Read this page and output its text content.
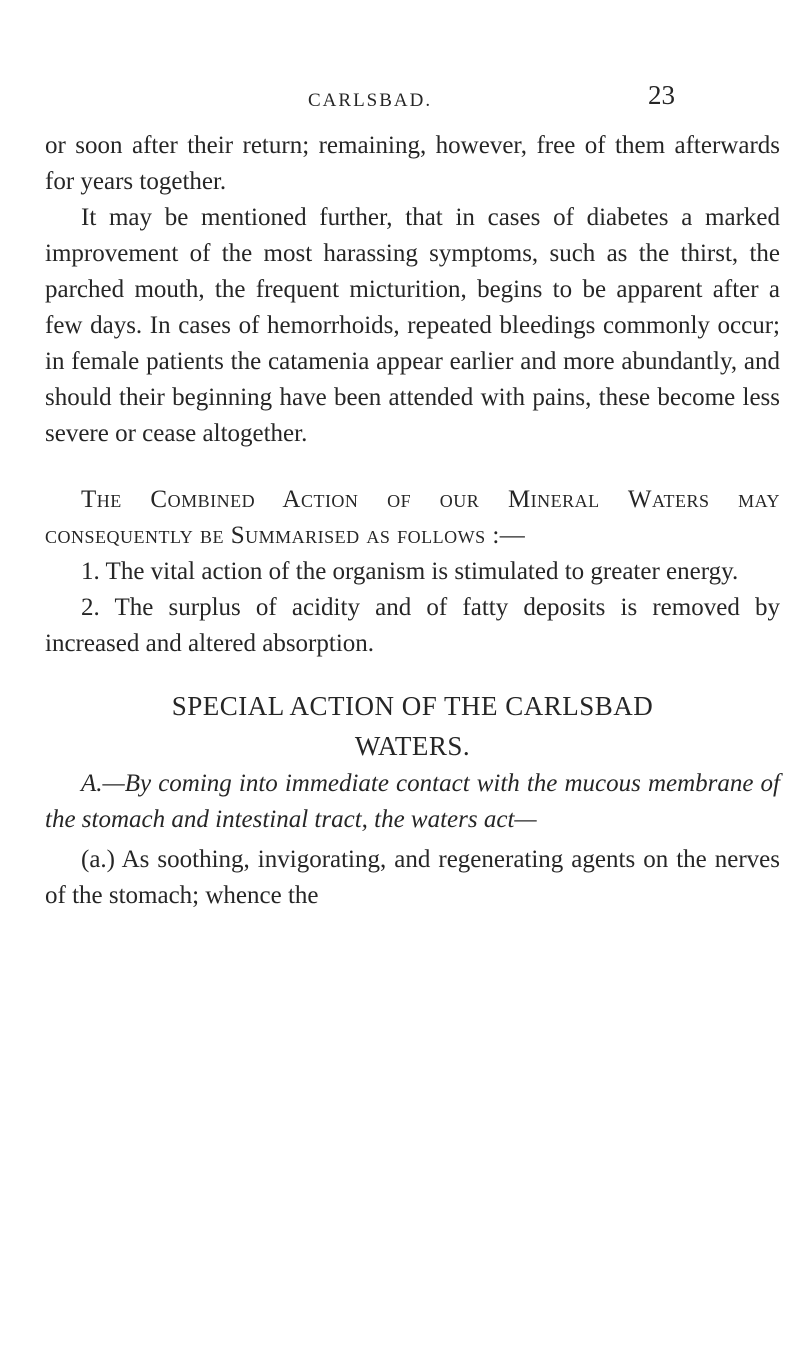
CARLSBAD.	23

or soon after their return; remaining, however, free of them afterwards for years together.

It may be mentioned further, that in cases of diabetes a marked improvement of the most harassing symptoms, such as the thirst, the parched mouth, the frequent micturition, begins to be apparent after a few days. In cases of hemorrhoids, repeated bleedings commonly occur; in female patients the catamenia appear earlier and more abundantly, and should their beginning have been attended with pains, these become less severe or cease altogether.

The Combined Action of our Mineral Waters may consequently be Summarised as follows :—

1. The vital action of the organism is stimulated to greater energy.

2. The surplus of acidity and of fatty deposits is removed by increased and altered absorption.

SPECIAL ACTION OF THE CARLSBAD
WATERS.

A.—By coming into immediate contact with the mucous membrane of the stomach and intestinal tract, the waters act—

(a.) As soothing, invigorating, and regenerating agents on the nerves of the stomach; whence the
